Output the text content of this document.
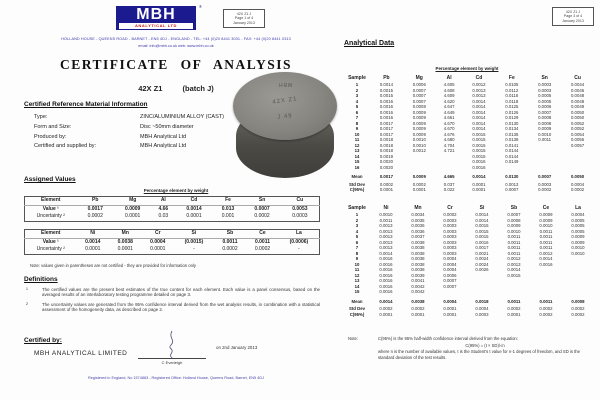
MBH
ANALYTICAL LTD
®
42X Z1 J
Page 1 of 4
January 2013
HOLLAND HOUSE - QUEENS ROAD - BARNET - EN5 4DJ - ENGLAND - TEL: +44 (0)20 8441 3031 - FAX: +44 (0)20 8441 0313
email: info@mbh.co.uk web: www.mbh.co.uk
CERTIFICATE OF ANALYSIS
42X Z1	(batch J)
Certified Reference Material Information
Type:	ZINC/ALUMINIUM ALLOY (CAST)
Form and Size:	Disc ~50mm diameter
Produced by:	MBH Analytical Ltd
Certified and supplied by:	MBH Analytical Ltd
MBH
42X Z1
J 49
Assigned Values
Percentage element by weight
Element	Pb	Mg	Al	Cd	Fe	Sn	Cu
Value ¹	0.0017	0.0009	4.66	0.0014	0.013	0.0007	0.0053
Uncertainty ²	0.0002	0.0001	0.03	0.0001	0.001	0.0002	0.0003
Element	Ni	Mn	Cr	Si	Sb	Ce	La
Value ¹	0.0014	0.0038	0.0004	(0.0015)	0.0011	0.0011	(0.0006)
Uncertainty ²	0.0001	0.0001	0.0001	-	0.0002	0.0002	-
Note: values given in parentheses are not certified - they are provided for information only
Definitions
1	The certified values are the present best estimates of the true content for each element. Each value is a panel consensus, based on the averaged results of an interlaboratory testing programme detailed on page 3.
2	The uncertainty values are generated from the 95% confidence interval derived from the wet analysis results, in combination with a statistical assessment of the homogeneity data, as described on page 2.
Certified by:
MBH ANALYTICAL LIMITED
C Everleigh
on 2nd January 2013
Registered in England, No 1574883 - Registered Office: Holland House, Queens Road, Barnet, EN5 4DJ
42X Z1 J
Page 3 of 4
January 2013
Analytical Data
Percentage element by weight
Sample	Pb	Mg	Al	Cd	Fe	Sn	Cu
1	0.0014	0.0006	4.605	0.0012	0.0105	0.0003	0.0044
2	0.0015	0.0007	4.608	0.0013	0.0112	0.0003	0.0046
3	0.0015	0.0007	4.609	0.0013	0.0116	0.0005	0.0048
4	0.0016	0.0007	4.620	0.0014	0.0118	0.0005	0.0048
5	0.0016	0.0008	4.647	0.0014	0.0125	0.0006	0.0049
6	0.0016	0.0009	4.649	0.0014	0.0126	0.0007	0.0050
7	0.0016	0.0009	4.661	0.0014	0.0129	0.0008	0.0050
8	0.0017	0.0009	4.670	0.0014	0.0130	0.0008	0.0052
9	0.0017	0.0009	4.670	0.0014	0.0134	0.0009	0.0052
10	0.0017	0.0009	4.676	0.0015	0.0135	0.0010	0.0054
11	0.0018	0.0010	4.680	0.0015	0.0138	0.0011	0.0055
12	0.0018	0.0010	4.704	0.0015	0.0141		0.0057
13	0.0018	0.0012	4.721	0.0015	0.0144		
14	0.0019			0.0015	0.0144		
15	0.0020			0.0016	0.0149		
16	0.0020			0.0016			
Mean	0.0017	0.0009	4.665	0.0014	0.0130	0.0007	0.0050
Std Dev	0.0002	0.0002	0.037	0.0001	0.0013	0.0003	0.0004
C(95%)	0.0001	0.0001	0.022	0.0001	0.0007	0.0002	0.0002
Sample	Ni	Mn	Cr	Si	Sb	Ce	La
1	0.0010	0.0034	0.0002	0.0014	0.0007	0.0009	0.0004
2	0.0011	0.0035	0.0003	0.0014	0.0008	0.0009	0.0005
3	0.0013	0.0036	0.0003	0.0015	0.0009	0.0010	0.0005
4	0.0013	0.0036	0.0003	0.0015	0.0010	0.0011	0.0005
5	0.0013	0.0037	0.0003	0.0015	0.0011	0.0011	0.0009
6	0.0013	0.0038	0.0003	0.0016	0.0011	0.0011	0.0009
7	0.0013	0.0038	0.0003	0.0017	0.0011	0.0011	0.0010
8	0.0014	0.0038	0.0003	0.0021	0.0011	0.0012	0.0010
9	0.0016	0.0038	0.0004	0.0024	0.0012	0.0014	
10	0.0016	0.0038	0.0004	0.0024	0.0013	0.0016	
11	0.0016	0.0038	0.0004	0.0026	0.0014		
12	0.0016	0.0039	0.0006		0.0015		
13	0.0016	0.0041	0.0007				
14	0.0016	0.0042	0.0007				
15	0.0016	0.0042					
Mean	0.0014	0.0038	0.0004	0.0018	0.0011	0.0011	0.0008
Std Dev	0.0002	0.0002	0.0001	0.0004	0.0002	0.0002	0.0002
C(95%)	0.0001	0.0001	0.0001	0.0003	0.0001	0.0002	0.0002
Note:	C(95%) is the 95% half-width confidence interval derived from the equation:
C(95%) = (t × SD)/√n
where n is the number of available values, t is the Student's t value for n-1 degrees of freedom, and SD is the standard deviation of the test results.
